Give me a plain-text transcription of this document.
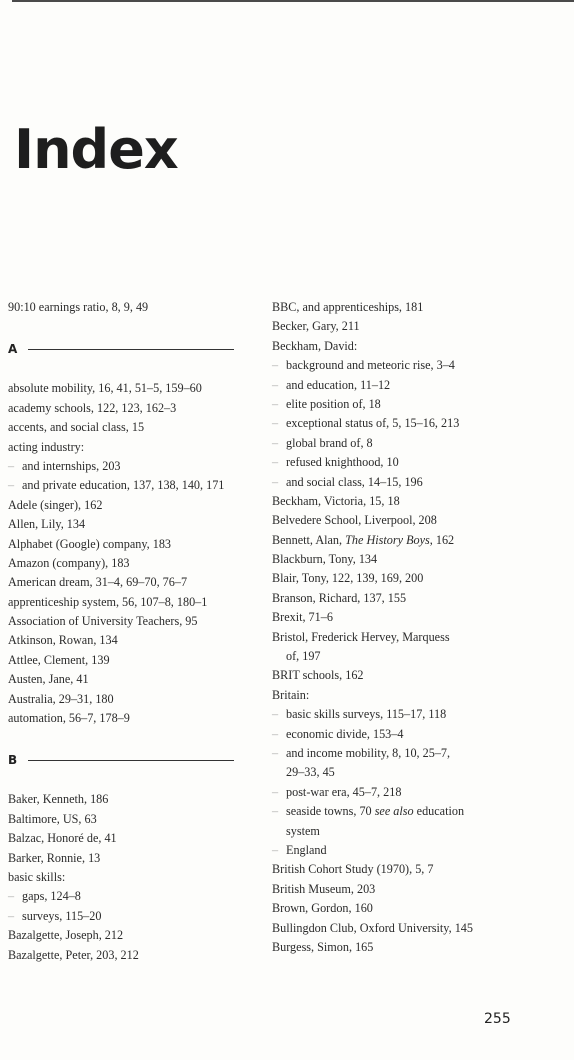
Index
90:10 earnings ratio, 8, 9, 49
A
absolute mobility, 16, 41, 51–5, 159–60
academy schools, 122, 123, 162–3
accents, and social class, 15
acting industry:
– and internships, 203
– and private education, 137, 138, 140, 171
Adele (singer), 162
Allen, Lily, 134
Alphabet (Google) company, 183
Amazon (company), 183
American dream, 31–4, 69–70, 76–7
apprenticeship system, 56, 107–8, 180–1
Association of University Teachers, 95
Atkinson, Rowan, 134
Attlee, Clement, 139
Austen, Jane, 41
Australia, 29–31, 180
automation, 56–7, 178–9
B
Baker, Kenneth, 186
Baltimore, US, 63
Balzac, Honoré de, 41
Barker, Ronnie, 13
basic skills:
– gaps, 124–8
– surveys, 115–20
Bazalgette, Joseph, 212
Bazalgette, Peter, 203, 212
BBC, and apprenticeships, 181
Becker, Gary, 211
Beckham, David:
– background and meteoric rise, 3–4
– and education, 11–12
– elite position of, 18
– exceptional status of, 5, 15–16, 213
– global brand of, 8
– refused knighthood, 10
– and social class, 14–15, 196
Beckham, Victoria, 15, 18
Belvedere School, Liverpool, 208
Bennett, Alan, The History Boys, 162
Blackburn, Tony, 134
Blair, Tony, 122, 139, 169, 200
Branson, Richard, 137, 155
Brexit, 71–6
Bristol, Frederick Hervey, Marquess
of, 197
BRIT schools, 162
Britain:
– basic skills surveys, 115–17, 118
– economic divide, 153–4
– and income mobility, 8, 10, 25–7,
29–33, 45
– post-war era, 45–7, 218
– seaside towns, 70 see also education
system
– England
British Cohort Study (1970), 5, 7
British Museum, 203
Brown, Gordon, 160
Bullingdon Club, Oxford University, 145
Burgess, Simon, 165
255
